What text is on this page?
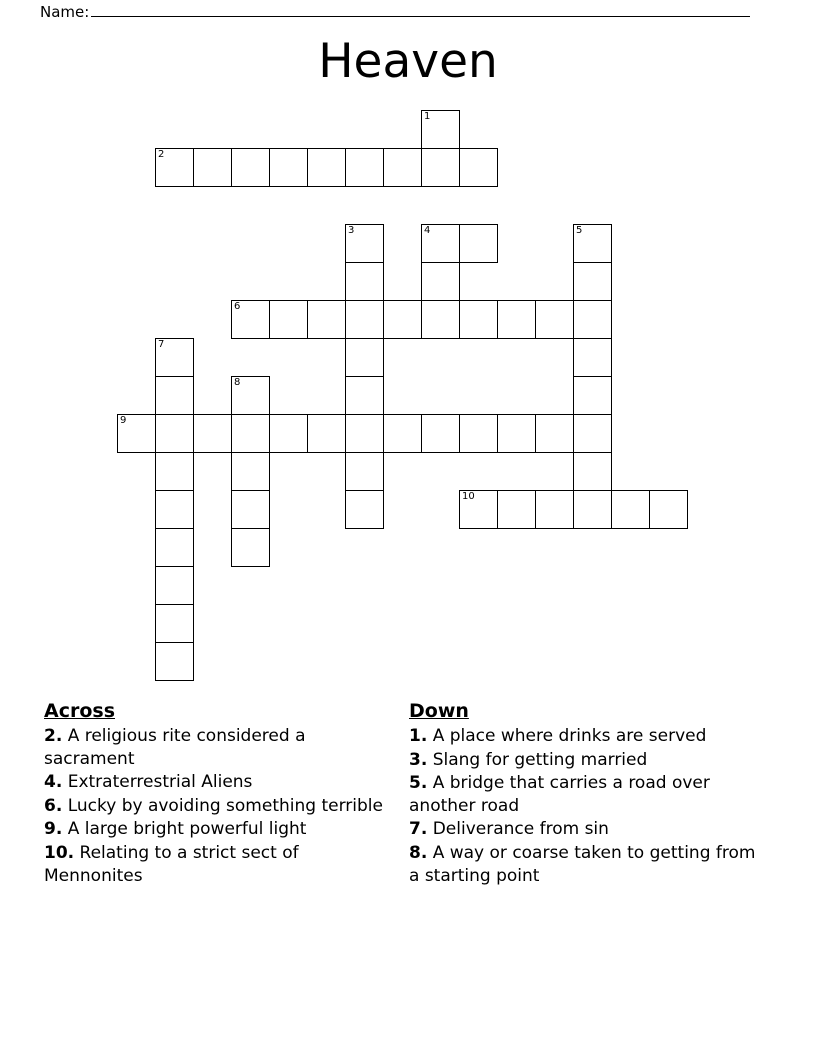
Name:
Heaven
1
2
3	4	5
6
7
8
9
10
Across
2. A religious rite considered a sacrament
4. Extraterrestrial Aliens
6. Lucky by avoiding something terrible
9. A large bright powerful light
10. Relating to a strict sect of Mennonites
Down
1. A place where drinks are served
3. Slang for getting married
5. A bridge that carries a road over another road
7. Deliverance from sin
8. A way or coarse taken to getting from a starting point
